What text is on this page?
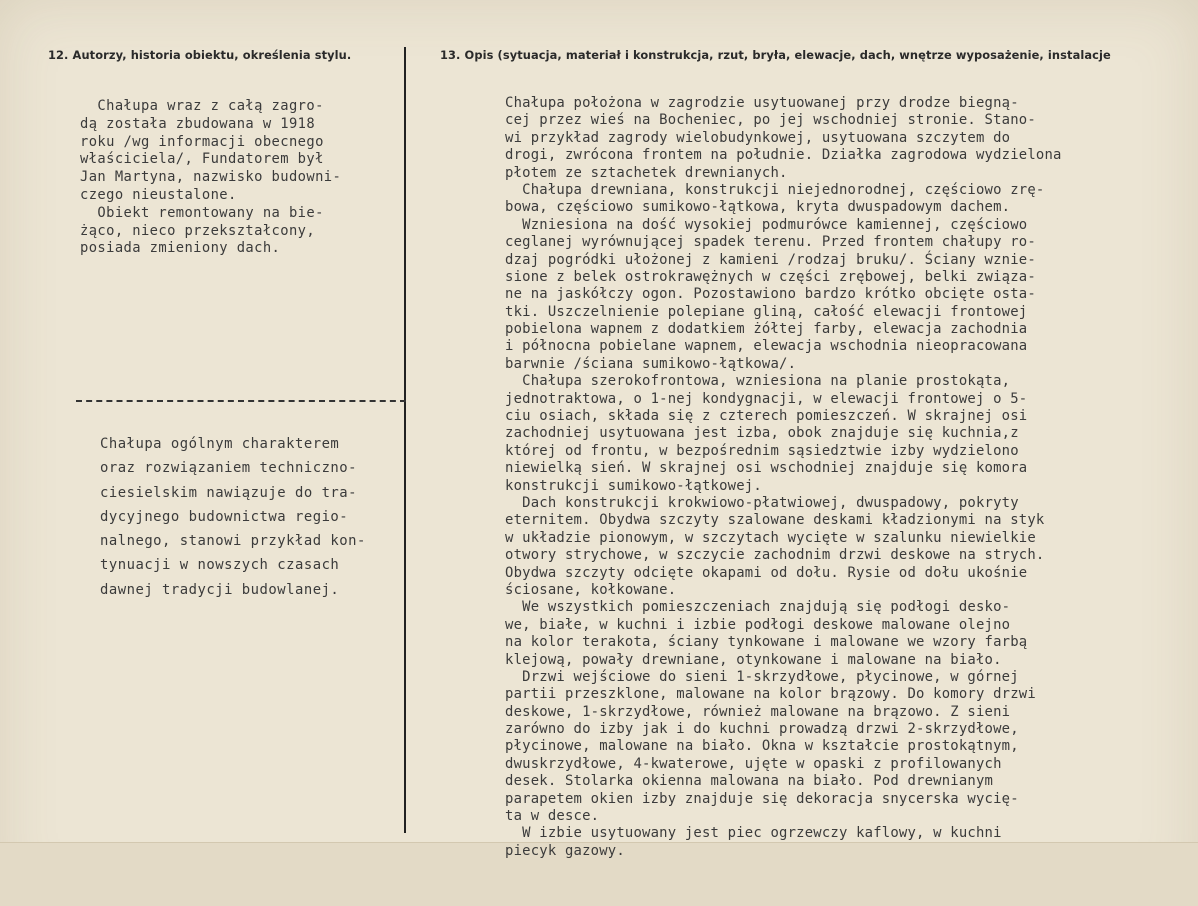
12. Autorzy, historia obiektu, określenia stylu.	13. Opis (sytuacja, materiał i konstrukcja, rzut, bryła, elewacje, dach, wnętrze wyposażenie, instalacje
Chałupa wraz z całą zagro-
dą została zbudowana w 1918
roku /wg informacji obecnego
właściciela/, Fundatorem był
Jan Martyna, nazwisko budowni-
czego nieustalone.
Obiekt remontowany na bie-
żąco, nieco przekształcony,
posiada zmieniony dach.
Chałupa ogólnym charakterem
oraz rozwiązaniem techniczno-
ciesielskim nawiązuje do tra-
dycyjnego budownictwa regio-
nalnego, stanowi przykład kon-
tynuacji w nowszych czasach
dawnej tradycji budowlanej.
Chałupa położona w zagrodzie usytuowanej przy drodze biegną-
cej przez wieś na Bocheniec, po jej wschodniej stronie. Stano-
wi przykład zagrody wielobudynkowej, usytuowana szczytem do
drogi, zwrócona frontem na południe. Działka zagrodowa wydzielona
płotem ze sztachetek drewnianych.
Chałupa drewniana, konstrukcji niejednorodnej, częściowo zrę-
bowa, częściowo sumikowo-łątkowa, kryta dwuspadowym dachem.
Wzniesiona na dość wysokiej podmurówce kamiennej, częściowo
ceglanej wyrównującej spadek terenu. Przed frontem chałupy ro-
dzaj pogródki ułożonej z kamieni /rodzaj bruku/. Ściany wznie-
sione z belek ostrokrawężnych w części zrębowej, belki związa-
ne na jaskółczy ogon. Pozostawiono bardzo krótko obcięte osta-
tki. Uszczelnienie polepiane gliną, całość elewacji frontowej
pobielona wapnem z dodatkiem żółtej farby, elewacja zachodnia
i północna pobielane wapnem, elewacja wschodnia nieopracowana
barwnie /ściana sumikowo-łątkowa/.
Chałupa szerokofrontowa, wzniesiona na planie prostokąta,
jednotraktowa, o 1-nej kondygnacji, w elewacji frontowej o 5-
ciu osiach, składa się z czterech pomieszczeń. W skrajnej osi
zachodniej usytuowana jest izba, obok znajduje się kuchnia,z
której od frontu, w bezpośrednim sąsiedztwie izby wydzielono
niewielką sień. W skrajnej osi wschodniej znajduje się komora
konstrukcji sumikowo-łątkowej.
Dach konstrukcji krokwiowo-płatwiowej, dwuspadowy, pokryty
eternitem. Obydwa szczyty szalowane deskami kładzionymi na styk
w układzie pionowym, w szczytach wycięte w szalunku niewielkie
otwory strychowe, w szczycie zachodnim drzwi deskowe na strych.
Obydwa szczyty odcięte okapami od dołu. Rysie od dołu ukośnie
ściosane, kołkowane.
We wszystkich pomieszczeniach znajdują się podłogi desko-
we, białe, w kuchni i izbie podłogi deskowe malowane olejno
na kolor terakota, ściany tynkowane i malowane we wzory farbą
klejową, powały drewniane, otynkowane i malowane na biało.
Drzwi wejściowe do sieni 1-skrzydłowe, płycinowe, w górnej
partii przeszklone, malowane na kolor brązowy. Do komory drzwi
deskowe, 1-skrzydłowe, również malowane na brązowo. Z sieni
zarówno do izby jak i do kuchni prowadzą drzwi 2-skrzydłowe,
płycinowe, malowane na biało. Okna w kształcie prostokątnym,
dwuskrzydłowe, 4-kwaterowe, ujęte w opaski z profilowanych
desek. Stolarka okienna malowana na biało. Pod drewnianym
parapetem okien izby znajduje się dekoracja snycerska wycię-
ta w desce.
W izbie usytuowany jest piec ogrzewczy kaflowy, w kuchni
piecyk gazowy.
